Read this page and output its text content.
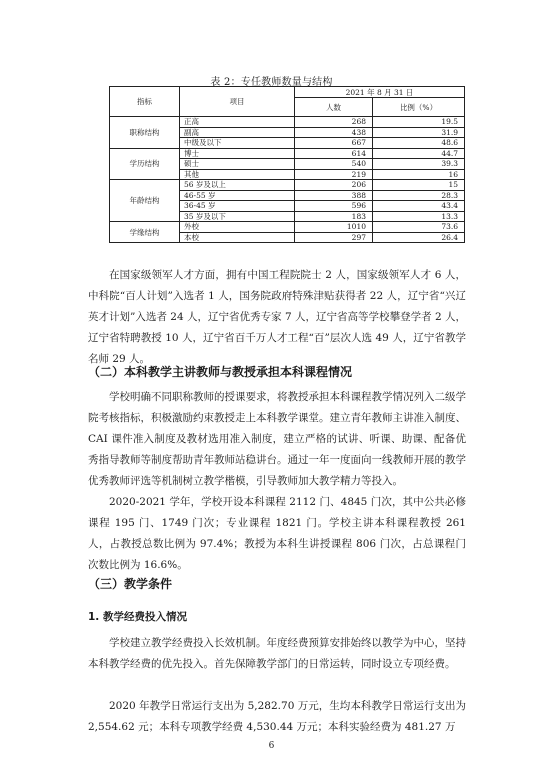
表 2：专任教师数量与结构
指标	项目	2021 年 8 月 31 日	
		人数	比例（%）
职称结构	正高	268	19.5
	副高	438	31.9
	中级及以下	667	48.6
学历结构	博士	614	44.7
	硕士	540	39.3
	其他	219	16
年龄结构	56 岁及以上	206	15
	46-55 岁	388	28.3
	36-45 岁	596	43.4
	35 岁及以下	183	13.3
学缘结构	外校	1010	73.6
	本校	297	26.4
在国家级领军人才方面，拥有中国工程院院士 2 人，国家级领军人才 6 人，中科院“百人计划”入选者 1 人，国务院政府特殊津贴获得者 22 人，辽宁省“兴辽英才计划”入选者 24 人，辽宁省优秀专家 7 人，辽宁省高等学校攀登学者 2 人，辽宁省特聘教授 10 人，辽宁省百千万人才工程“百”层次人选 49 人，辽宁省教学名师 29 人。
（二）本科教学主讲教师与教授承担本科课程情况
学校明确不同职称教师的授课要求，将教授承担本科课程教学情况列入二级学院考核指标，积极激励约束教授走上本科教学课堂。建立青年教师主讲准入制度、CAI 课件准入制度及教材选用准入制度，建立严格的试讲、听课、助课、配备优秀指导教师等制度帮助青年教师站稳讲台。通过一年一度面向一线教师开展的教学优秀教师评选等机制树立教学楷模，引导教师加大教学精力等投入。
2020-2021 学年，学校开设本科课程 2112 门、4845 门次，其中公共必修课程 195 门、1749 门次；专业课程 1821 门。学校主讲本科课程教授 261 人，占教授总数比例为 97.4%；教授为本科生讲授课程 806 门次，占总课程门次数比例为 16.6%。
（三）教学条件
1. 教学经费投入情况
学校建立教学经费投入长效机制。年度经费预算安排始终以教学为中心，坚持本科教学经费的优先投入。首先保障教学部门的日常运转，同时设立专项经费。
2020 年教学日常运行支出为 5,282.70 万元，生均本科教学日常运行支出为 2,554.62 元；本科专项教学经费 4,530.44 万元；本科实验经费为 481.27 万
6
